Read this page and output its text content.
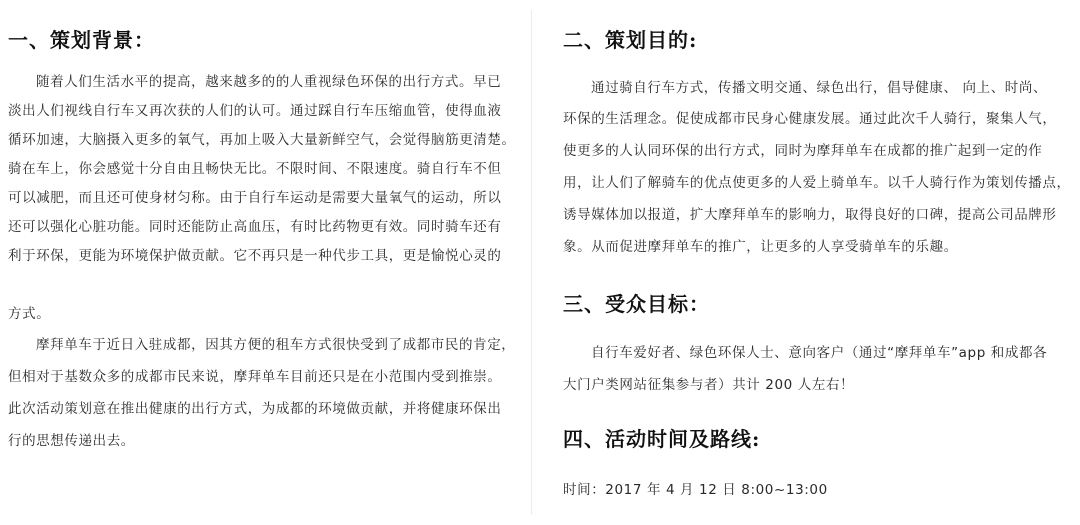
一、策划背景：
随着人们生活水平的提高，越来越多的的人重视绿色环保的出行方式。早已
淡出人们视线自行车又再次获的人们的认可。通过踩自行车压缩血管，使得血液
循环加速，大脑摄入更多的氧气，再加上吸入大量新鲜空气，会觉得脑筋更清楚。
骑在车上，你会感觉十分自由且畅快无比。不限时间、不限速度。骑自行车不但
可以减肥，而且还可使身材匀称。由于自行车运动是需要大量氧气的运动，所以
还可以强化心脏功能。同时还能防止高血压，有时比药物更有效。同时骑车还有
利于环保，更能为环境保护做贡献。它不再只是一种代步工具，更是愉悦心灵的
方式。
摩拜单车于近日入驻成都，因其方便的租车方式很快受到了成都市民的肯定，
但相对于基数众多的成都市民来说，摩拜单车目前还只是在小范围内受到推崇。
此次活动策划意在推出健康的出行方式，为成都的环境做贡献，并将健康环保出
行的思想传递出去。
二、策划目的:
通过骑自行车方式，传播文明交通、绿色出行，倡导健康、 向上、时尚、
环保的生活理念。促使成都市民身心健康发展。通过此次千人骑行，聚集人气，
使更多的人认同环保的出行方式，同时为摩拜单车在成都的推广起到一定的作
用，让人们了解骑车的优点使更多的人爱上骑单车。以千人骑行作为策划传播点，
诱导媒体加以报道，扩大摩拜单车的影响力，取得良好的口碑，提高公司品牌形
象。从而促进摩拜单车的推广，让更多的人享受骑单车的乐趣。
三、受众目标：
自行车爱好者、绿色环保人士、意向客户（通过“摩拜单车”app 和成都各
大门户类网站征集参与者）共计 200 人左右！
四、活动时间及路线:
时间：2017 年 4 月 12 日 8:00~13:00
